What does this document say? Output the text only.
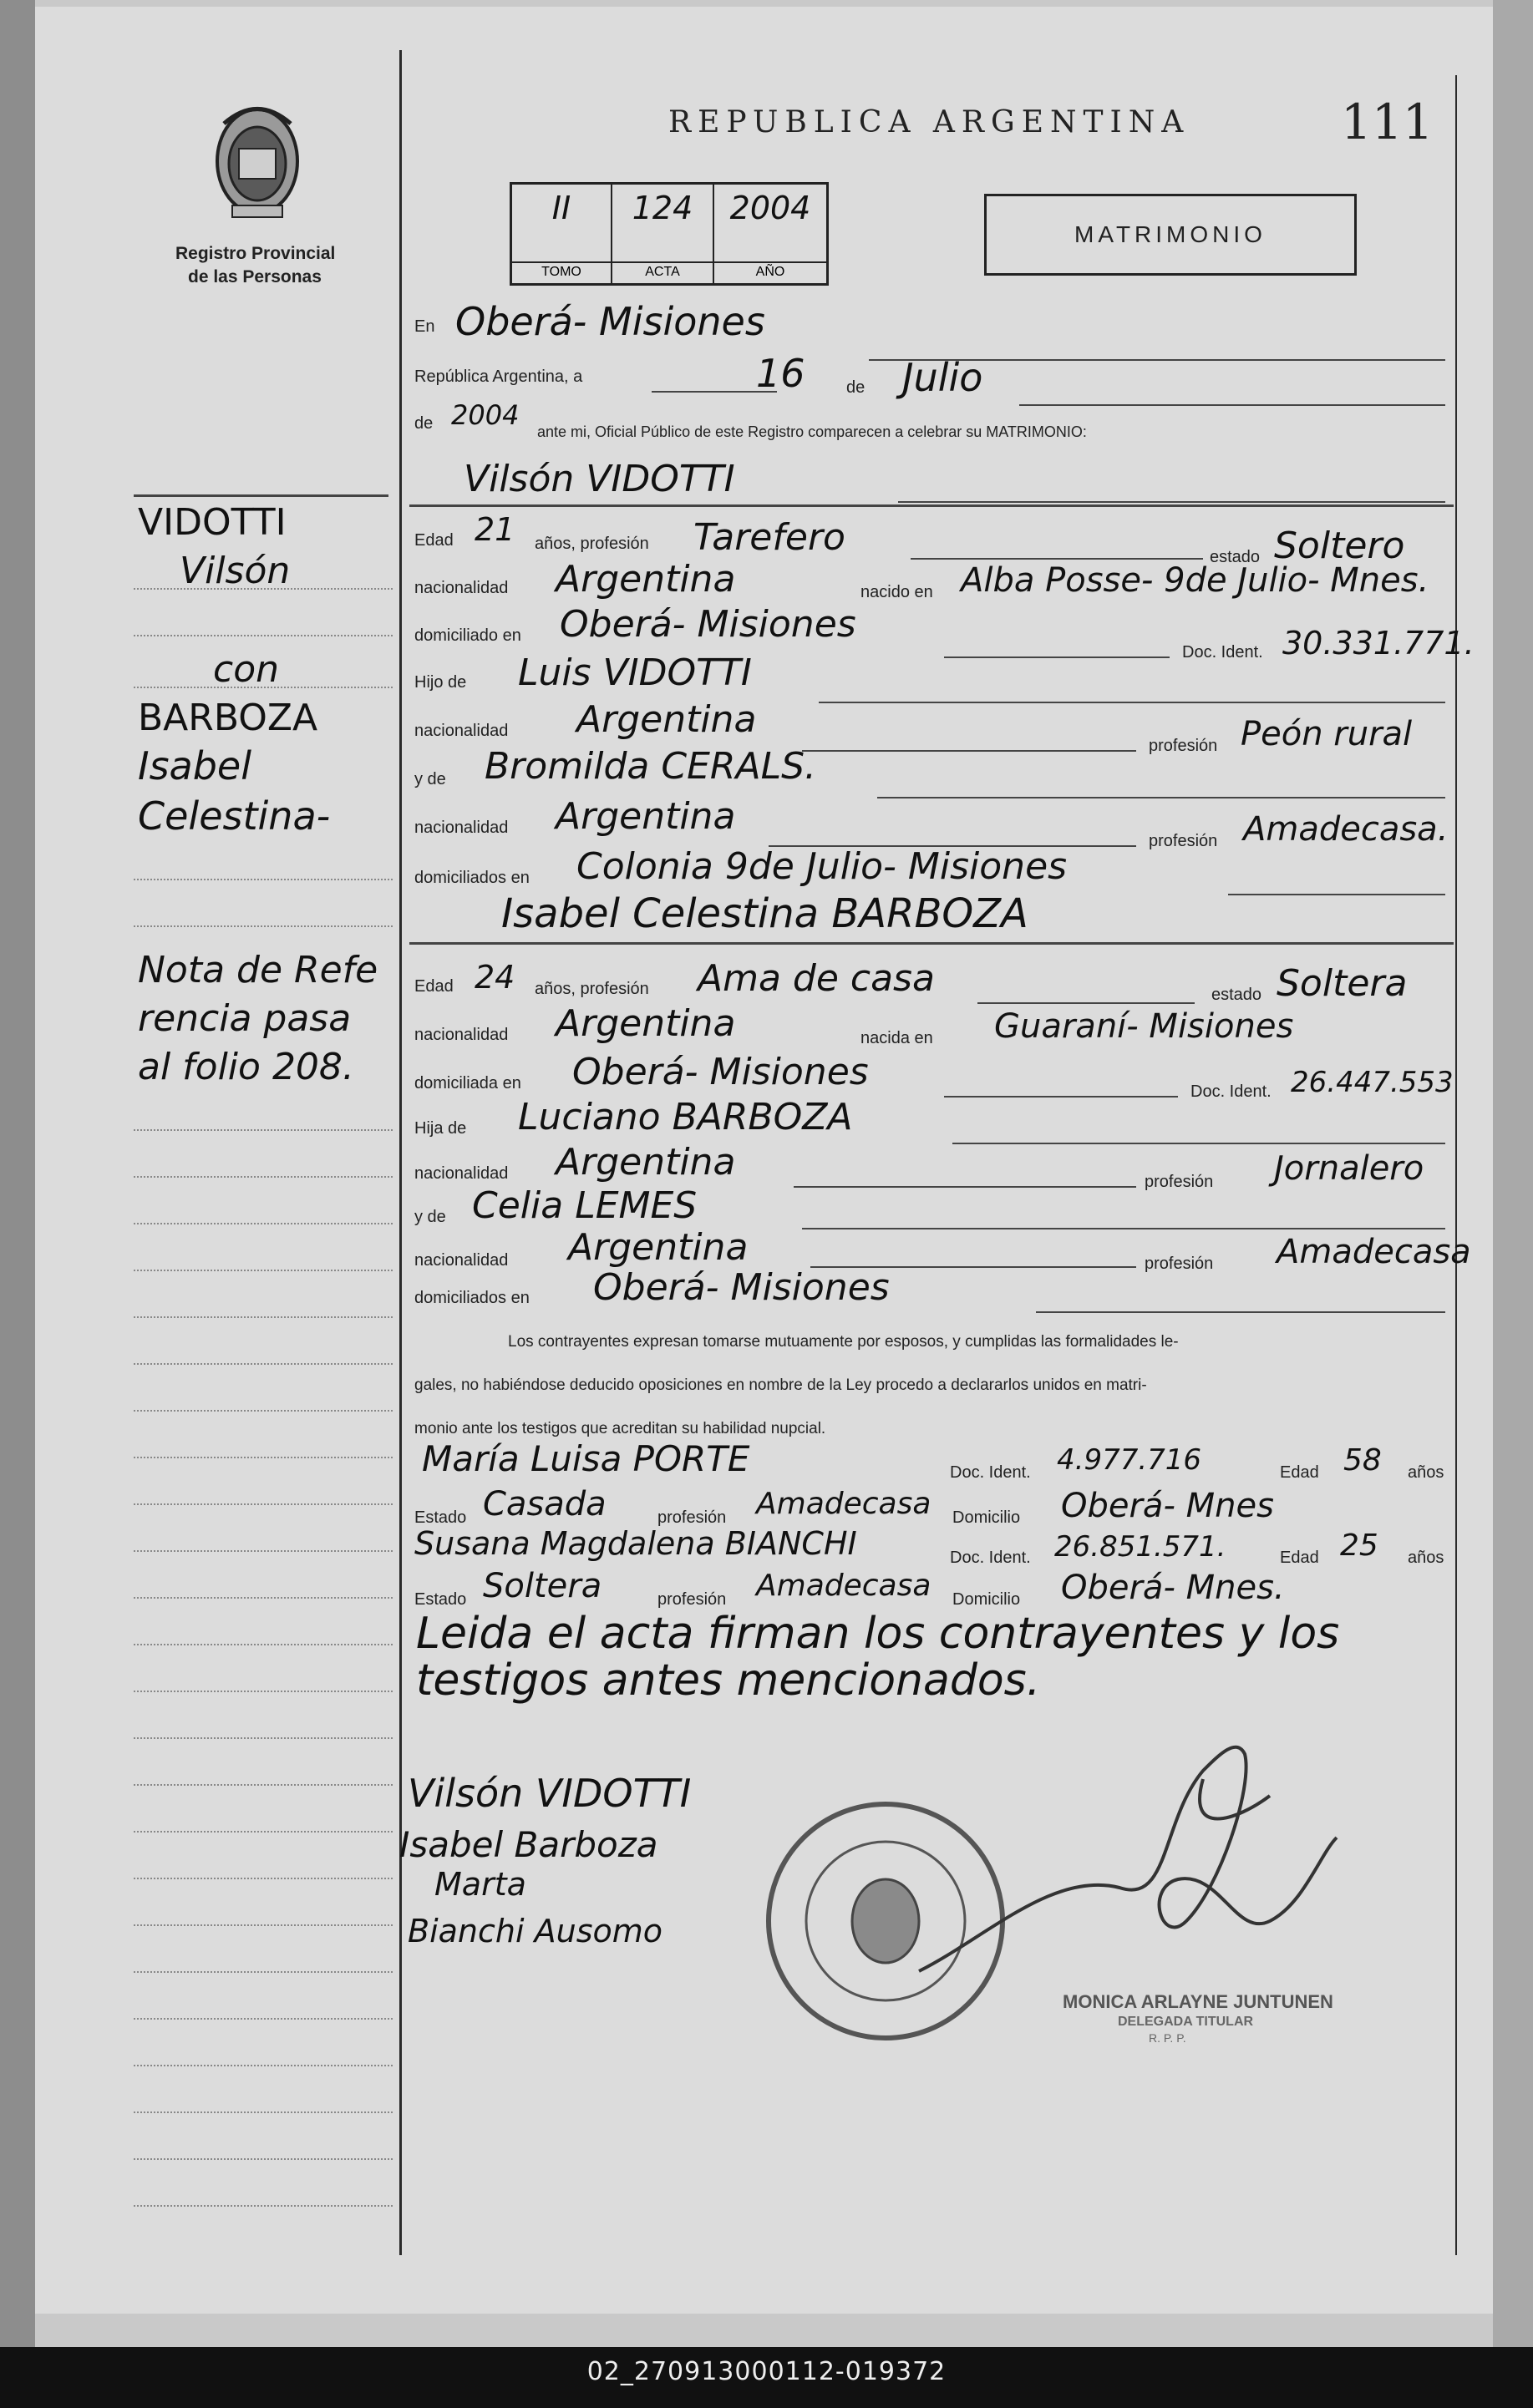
Registro Provincial
de las Personas
REPUBLICA ARGENTINA	111
II
TOMO
124
ACTA
2004
AÑO
MATRIMONIO
En Oberá- Misiones
República Argentina, a	16 de Julio
de 2004
ante mi, Oficial Público de este Registro comparecen a celebrar su MATRIMONIO:
Vilsón VIDOTTI
Edad 21 años, profesión Tarefero	estado Soltero
nacionalidad Argentina	nacido en Alba Posse- 9de Julio- Mnes.
domiciliado en Oberá- Misiones
Doc. Ident. 30.331.771.
Hijo de Luis VIDOTTI
nacionalidad Argentina
profesión Peón rural
y de Bromilda CERALS.
nacionalidad Argentina
profesión Amadecasa.
domiciliados en Colonia 9de Julio- Misiones
Isabel Celestina BARBOZA
Edad 24 años, profesión Ama de casa	estado Soltera
nacionalidad Argentina	nacida en Guaraní- Misiones
domiciliada en Oberá- Misiones	Doc. Ident. 26.447.553
Hija de Luciano BARBOZA
nacionalidad Argentina	profesión Jornalero
y de Celia LEMES
nacionalidad Argentina	profesión Amadecasa
domiciliados en Oberá- Misiones
Los contrayentes expresan tomarse mutuamente por esposos, y cumplidas las formalidades le-
gales, no habiéndose deducido oposiciones en nombre de la Ley procedo a declararlos unidos en matri-
monio ante los testigos que acreditan su habilidad nupcial.
María Luisa PORTE	Doc. Ident. 4.977.716	Edad 58 años
Estado Casada	profesión Amadecasa Domicilio Oberá- Mnes
Susana Magdalena BIANCHI	Doc. Ident. 26.851.571.	Edad 25 años
Estado Soltera	profesión Amadecasa Domicilio Oberá- Mnes.
Leida el acta firman los contrayentes y los
testigos antes mencionados.
Vilsón VIDOTTI
Isabel Barboza
Marta
Bianchi Ausomo
MONICA ARLAYNE JUNTUNEN
DELEGADA TITULAR
R. P. P.
VIDOTTI
Vilsón
con
BARBOZA
Isabel
Celestina-
Nota de Refe
rencia pasa
al folio 208.
02_270913000112-019372
